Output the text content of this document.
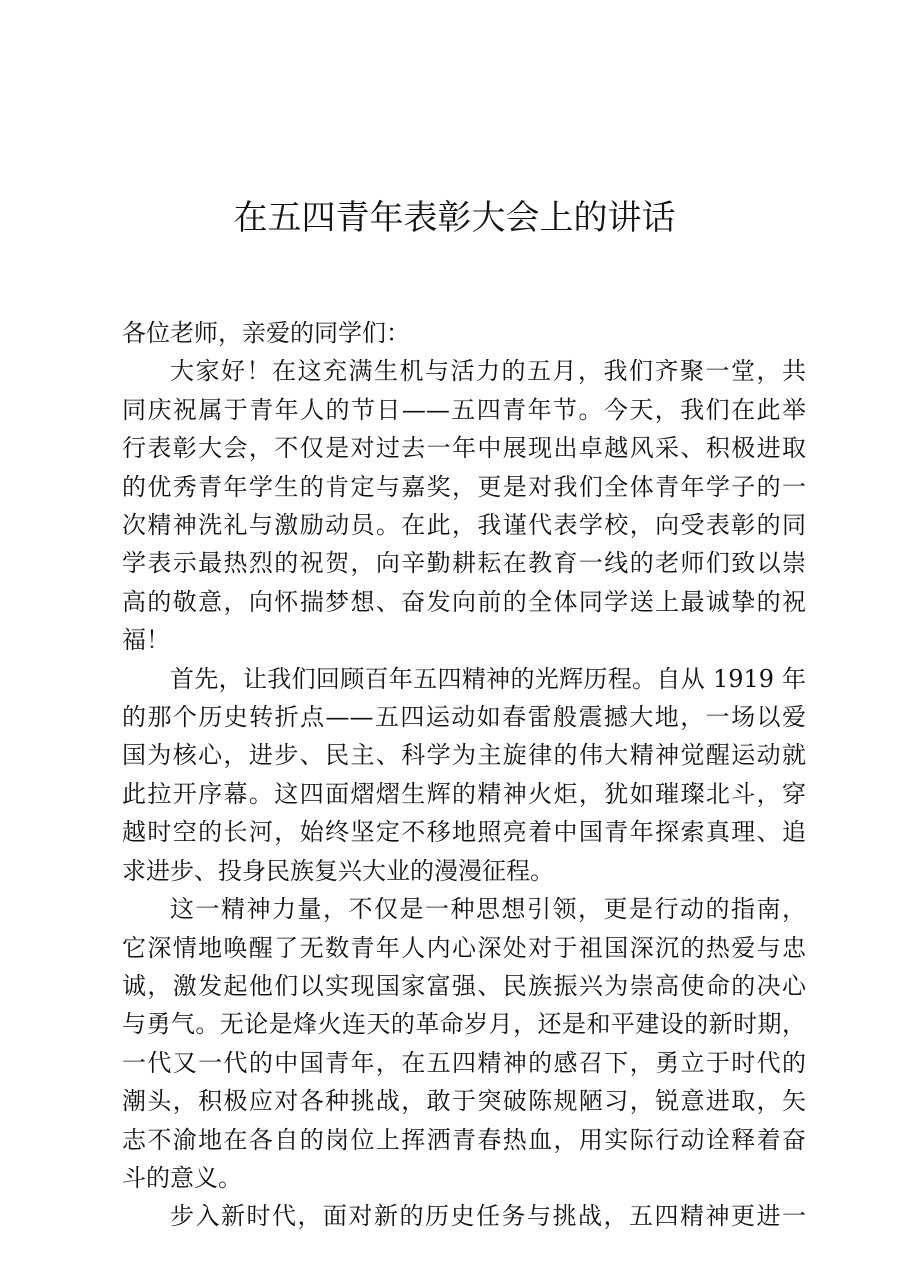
在五四青年表彰大会上的讲话

各位老师，亲爱的同学们：

大家好！在这充满生机与活力的五月，我们齐聚一堂，共
同庆祝属于青年人的节日——五四青年节。今天，我们在此举
行表彰大会，不仅是对过去一年中展现出卓越风采、积极进取
的优秀青年学生的肯定与嘉奖，更是对我们全体青年学子的一
次精神洗礼与激励动员。在此，我谨代表学校，向受表彰的同
学表示最热烈的祝贺，向辛勤耕耘在教育一线的老师们致以崇
高的敬意，向怀揣梦想、奋发向前的全体同学送上最诚挚的祝
福！

首先，让我们回顾百年五四精神的光辉历程。自从 1919 年
的那个历史转折点——五四运动如春雷般震撼大地，一场以爱
国为核心，进步、民主、科学为主旋律的伟大精神觉醒运动就
此拉开序幕。这四面熠熠生辉的精神火炬，犹如璀璨北斗，穿
越时空的长河，始终坚定不移地照亮着中国青年探索真理、追
求进步、投身民族复兴大业的漫漫征程。

这一精神力量，不仅是一种思想引领，更是行动的指南，
它深情地唤醒了无数青年人内心深处对于祖国深沉的热爱与忠
诚，激发起他们以实现国家富强、民族振兴为崇高使命的决心
与勇气。无论是烽火连天的革命岁月，还是和平建设的新时期，
一代又一代的中国青年，在五四精神的感召下，勇立于时代的
潮头，积极应对各种挑战，敢于突破陈规陋习，锐意进取，矢
志不渝地在各自的岗位上挥洒青春热血，用实际行动诠释着奋
斗的意义。

步入新时代，面对新的历史任务与挑战，五四精神更进一
